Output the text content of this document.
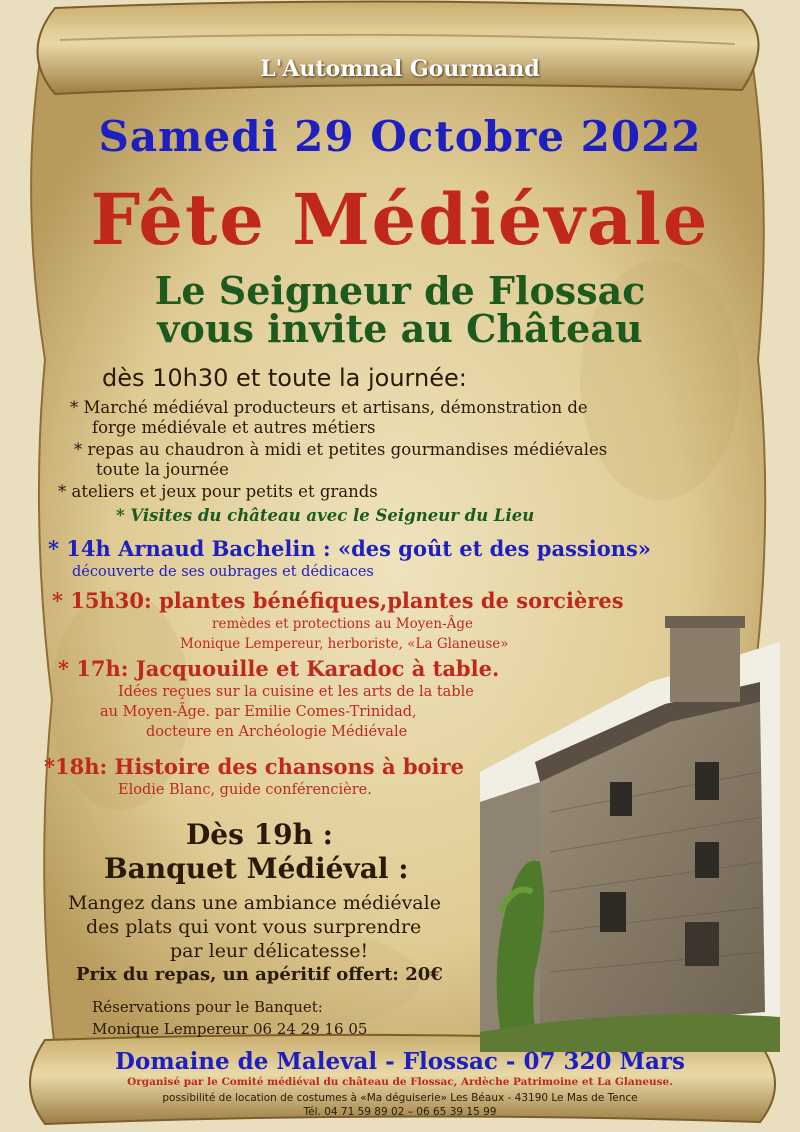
L'Automnal Gourmand
Samedi 29 Octobre 2022
Fête Médiévale
Le Seigneur de Flossac
vous invite au Château
dès 10h30 et toute la journée:
* Marché médiéval producteurs et artisans, démonstration de
forge médiévale et autres métiers
* repas au chaudron à midi et petites gourmandises médiévales
toute la journée
* ateliers et jeux pour petits et grands
* Visites du château avec le Seigneur du Lieu
* 14h Arnaud Bachelin : «des goût et des passions»
découverte de ses oubrages et dédicaces
* 15h30: plantes bénéfiques,plantes de sorcières
remèdes et protections au Moyen-Âge
Monique Lempereur, herboriste, «La Glaneuse»
* 17h: Jacquouille et Karadoc à table.
Idées reçues sur la cuisine et les arts de la table
au Moyen-Âge. par Emilie Comes-Trinidad,
docteure en Archéologie Médiévale
*18h: Histoire des chansons à boire
Elodie Blanc, guide conférencière.
Dès 19h :
Banquet Médiéval :
Mangez dans une ambiance médiévale
des plats qui vont vous surprendre
par leur délicatesse!
Prix du repas, un apéritif offert: 20€
Réservations pour le Banquet:
Monique Lempereur 06 24 29 16 05
Domaine de Maleval - Flossac - 07 320 Mars
Organisé par le Comité médiéval du château de Flossac, Ardèche Patrimoine et La Glaneuse.
possibilité de location de costumes à «Ma déguiserie» Les Béaux - 43190 Le Mas de Tence
Tél. 04 71 59 89 02 – 06 65 39 15 99
